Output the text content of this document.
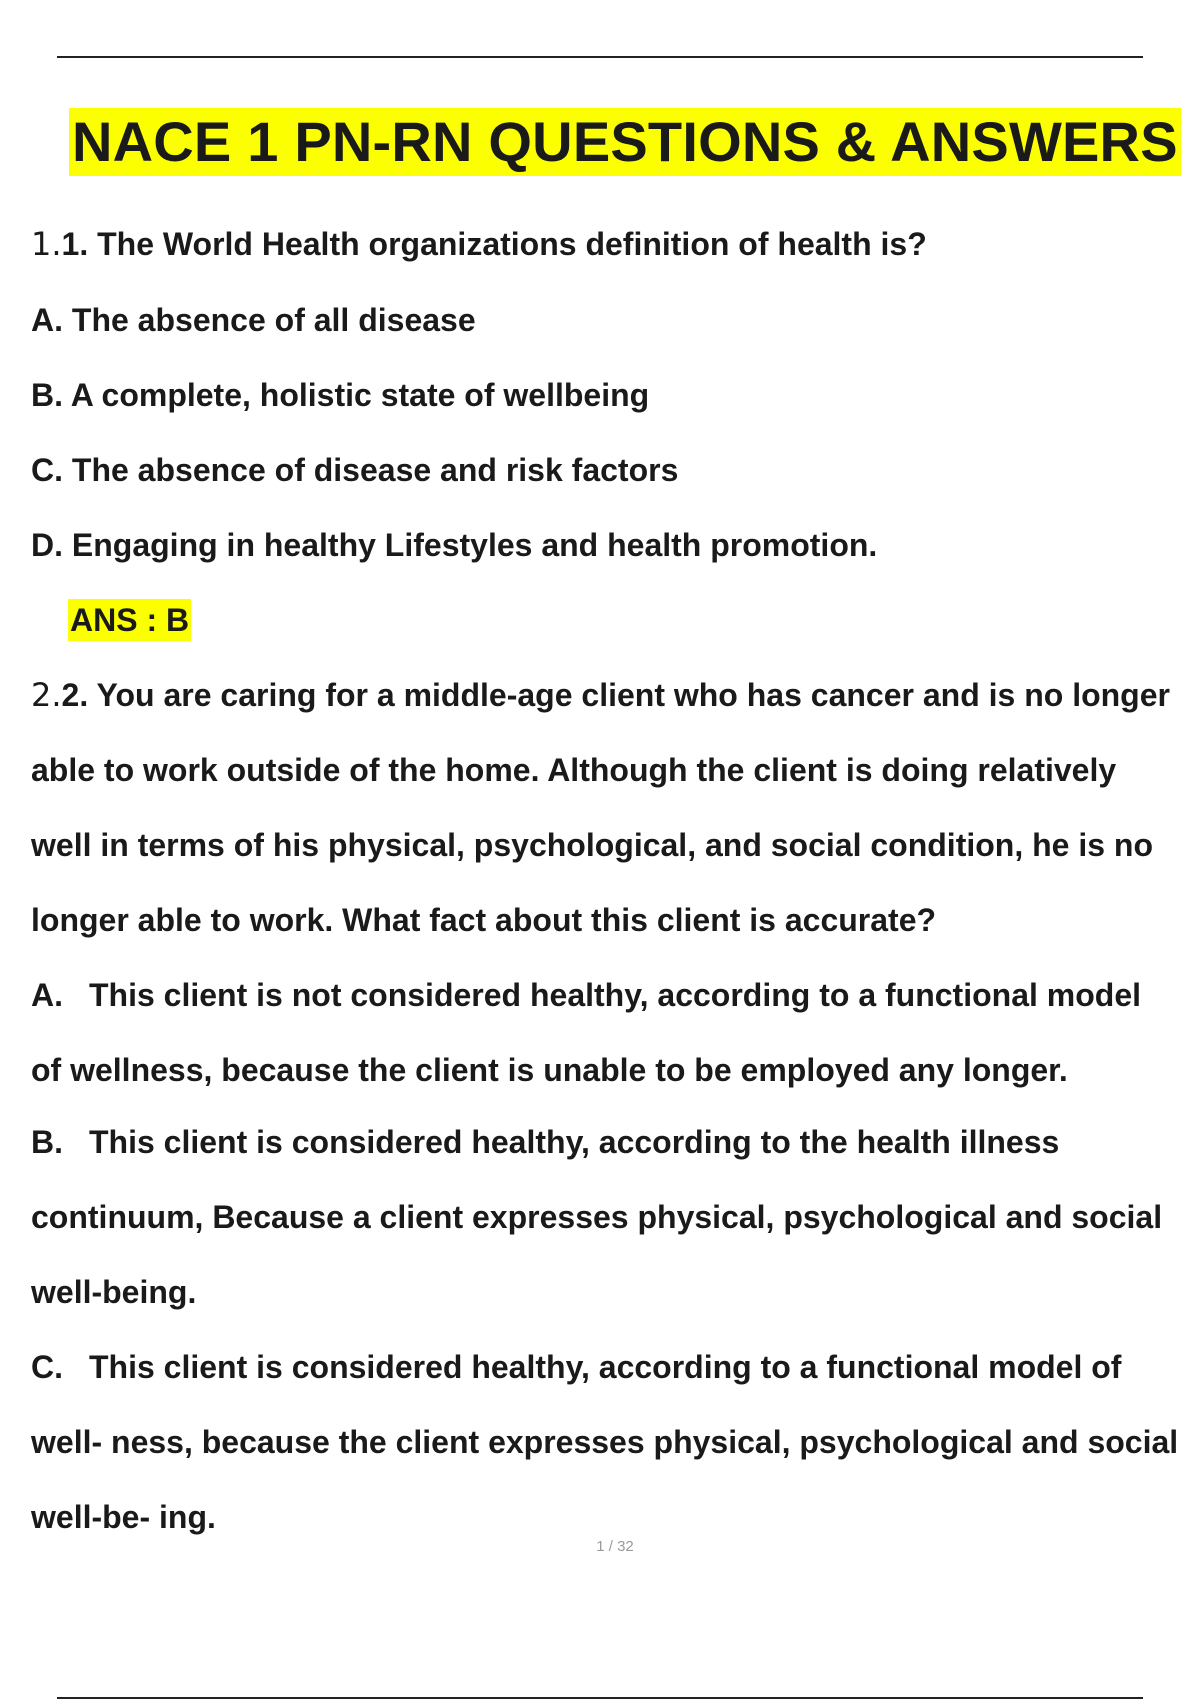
NACE 1 PN-RN QUESTIONS & ANSWERS
1.1. The World Health organizations definition of health is?
A. The absence of all disease
B. A complete, holistic state of wellbeing
C. The absence of disease and risk factors
D. Engaging in healthy Lifestyles and health promotion.
ANS : B
2.2. You are caring for a middle-age client who has cancer and is no longer
able to work outside of the home. Although the client is doing relatively
well in terms of his physical, psychological, and social condition, he is no
longer able to work. What fact about this client is accurate?
A. This client is not considered healthy, according to a functional model
of wellness, because the client is unable to be employed any longer.
B. This client is considered healthy, according to the health illness
continuum, Because a client expresses physical, psychological and social
well-being.
C. This client is considered healthy, according to a functional model of
well- ness, because the client expresses physical, psychological and social
well-be- ing.
1 / 32
